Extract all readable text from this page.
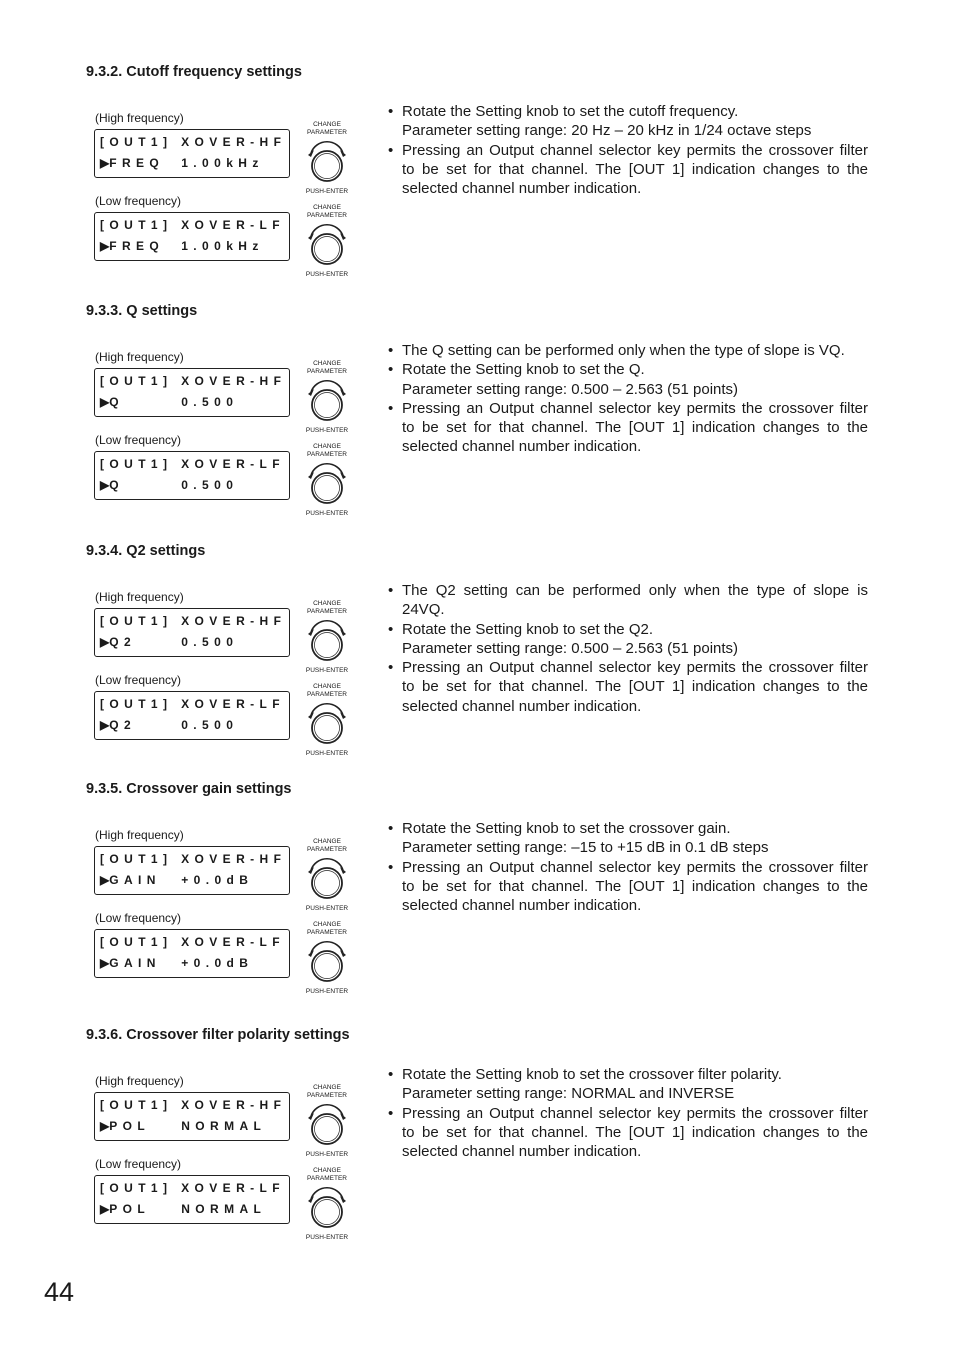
9.3.2. Cutoff frequency settings
(High frequency)
[OUT1] XOVER-HF
▶FREQ 1.00kHz
CHANGE
PARAMETER
PUSH-ENTER
(Low frequency)
[OUT1] XOVER-LF
▶FREQ 1.00kHz
CHANGE
PARAMETER
PUSH-ENTER
• Rotate the Setting knob to set the cutoff frequency.
Parameter setting range: 20 Hz – 20 kHz in 1/24 octave steps
• Pressing an Output channel selector key permits the crossover filter to be set for that channel. The [OUT 1] indication changes to the selected channel number indication.
9.3.3. Q settings
(High frequency)
[OUT1] XOVER-HF
▶Q	0.500
CHANGE
PARAMETER
PUSH-ENTER
(Low frequency)
[OUT1] XOVER-LF
▶Q	0.500
CHANGE
PARAMETER
PUSH-ENTER
• The Q setting can be performed only when the type of slope is VQ.
• Rotate the Setting knob to set the Q.
Parameter setting range: 0.500 – 2.563 (51 points)
• Pressing an Output channel selector key permits the crossover filter to be set for that channel. The [OUT 1] indication changes to the selected channel number indication.
9.3.4. Q2 settings
(High frequency)
[OUT1] XOVER-HF
▶Q2	0.500
CHANGE
PARAMETER
PUSH-ENTER
(Low frequency)
[OUT1] XOVER-LF
▶Q2	0.500
CHANGE
PARAMETER
PUSH-ENTER
• The Q2 setting can be performed only when the type of slope is 24VQ.
• Rotate the Setting knob to set the Q2.
Parameter setting range: 0.500 – 2.563 (51 points)
• Pressing an Output channel selector key permits the crossover filter to be set for that channel. The [OUT 1] indication changes to the selected channel number indication.
9.3.5. Crossover gain settings
(High frequency)
[OUT1] XOVER-HF
▶GAIN +0.0dB
CHANGE
PARAMETER
PUSH-ENTER
(Low frequency)
[OUT1] XOVER-LF
▶GAIN +0.0dB
CHANGE
PARAMETER
PUSH-ENTER
• Rotate the Setting knob to set the crossover gain.
Parameter setting range: –15 to +15 dB in 0.1 dB steps
• Pressing an Output channel selector key permits the crossover filter to be set for that channel. The [OUT 1] indication changes to the selected channel number indication.
9.3.6. Crossover filter polarity settings
(High frequency)
[OUT1] XOVER-HF
▶POL	NORMAL
CHANGE
PARAMETER
PUSH-ENTER
(Low frequency)
[OUT1] XOVER-LF
▶POL	NORMAL
CHANGE
PARAMETER
PUSH-ENTER
• Rotate the Setting knob to set the crossover filter polarity.
Parameter setting range: NORMAL and INVERSE
• Pressing an Output channel selector key permits the crossover filter to be set for that channel. The [OUT 1] indication changes to the selected channel number indication.
44
